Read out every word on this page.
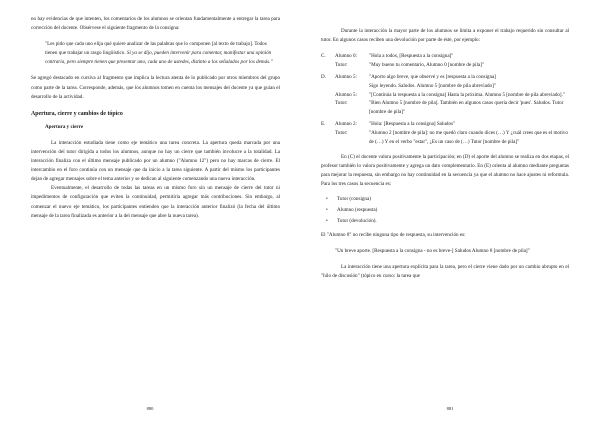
no hay evidencias de que intenten, los comentarios de los alumnos se orientan fundamentalmente a entregar la tarea para corrección del docente. Obsérvese el siguiente fragmento de la consigna:

"Les pido que cada uno elija qué quiere analizar de las palabras que lo componen [al texto de trabajo]. Todos tienen que trabajar un rasgo lingüístico. Si ya se dijo, pueden intervenir para comentar, manifestar una opinión contraria, pero siempre tienen que presentar uno, cada uno de ustedes, distinto a los señalados por los demás."

Se agregó destacado en cursiva al fragmento que implica la lectura atenta de lo publicado por otros miembros del grupo como parte de la tarea. Corresponde, además, que los alumnos tomen en cuenta los mensajes del docente ya que guían el desarrollo de la actividad.

Apertura, cierre y cambios de tópico
Apertura y cierre

La interacción estudiada tiene como eje temático una tarea concreta. La apertura queda marcada por una intervención del tutor dirigida a todos los alumnos, aunque no hay un cierre que también involucre a la totalidad. La interacción finaliza con el último mensaje publicado por un alumno ("Alumno 12") pero no hay marcas de cierre. El intercambio en el foro continúa con un mensaje que da inicio a la tarea siguiente. A partir del mismo los participantes dejan de agregar mensajes sobre el tema anterior y se dedican al siguiente comenzando una nueva interacción.

Eventualmente, el desarrollo de todas las tareas en un mismo foro sin un mensaje de cierre del tutor ni impedimentos de configuración que eviten la continuidad, permitiría agregar más contribuciones. Sin embargo, al comenzar el nuevo eje temático, los participantes entienden que la interacción anterior finalizó (la fecha del último mensaje de la tarea finalizada es anterior a la del mensaje que abre la nueva tarea).

880

Durante la interacción la mayor parte de los alumnos se limita a exponer el trabajo requerido sin consultar al tutor. En algunos casos reciben una devolución por parte de éste, por ejemplo:

C.	Alumno 0:	"Hola a todos, [Respuesta a la consigna]"
Tutor:	"Muy bueno tu comentario, Alumno 0 [nombre de pila]"
D.	Alumno 5:	"Aporto algo breve, que observé y es [respuesta a la consigna]
Sigo leyendo. Saludos. Alumno 5 [nombre de pila abreviado]"
Alumno 5:	"[Continúa la respuesta a la consigna] Hasta la próxima. Alumno 5 [nombre de pila abreviado]."
Tutor:	"Bien Alumno 5 [nombre de pila]. También en algunos casos quería decir 'pues'. Saludos. Tutor [nombre de pila]"
E.	Alumno 2:	"Hola: [Respuesta a la consigna] Saludos"
Tutor:	"Alumno 2 [nombre de pila]: no me quedó claro cuando dices (…) Y ¿cuál crees que es el motivo de (…) Y en el verbo "estar", ¿Es un caso de (…) Tutor [nombre de pila]"

En (C) el docente valora positivamente la participación; en (D) el aporte del alumno se realiza en dos etapas, el profesor también lo valora positivamente y agrega un dato complementario. En (E) orienta al alumno mediante preguntas para mejorar la respuesta, sin embargo no hay continuidad en la secuencia ya que el alumno no hace ajustes ni reformula. Para los tres casos la secuencia es:

• Tutor (consigna)
• Alumno (respuesta)
• Tutor (devolución).

El "Alumno 8" no recibe ninguna tipo de respuesta, su intervención es:

"Un breve aporte. [Respuesta a la consigna - no es breve-] Saludos Alumno 8 [nombre de pila]"

La interacción tiene una apertura explícita para la tarea, pero el cierre viene dado por un cambio abrupto en el "hilo de discusión" (tópico en curso: la tarea que

881
